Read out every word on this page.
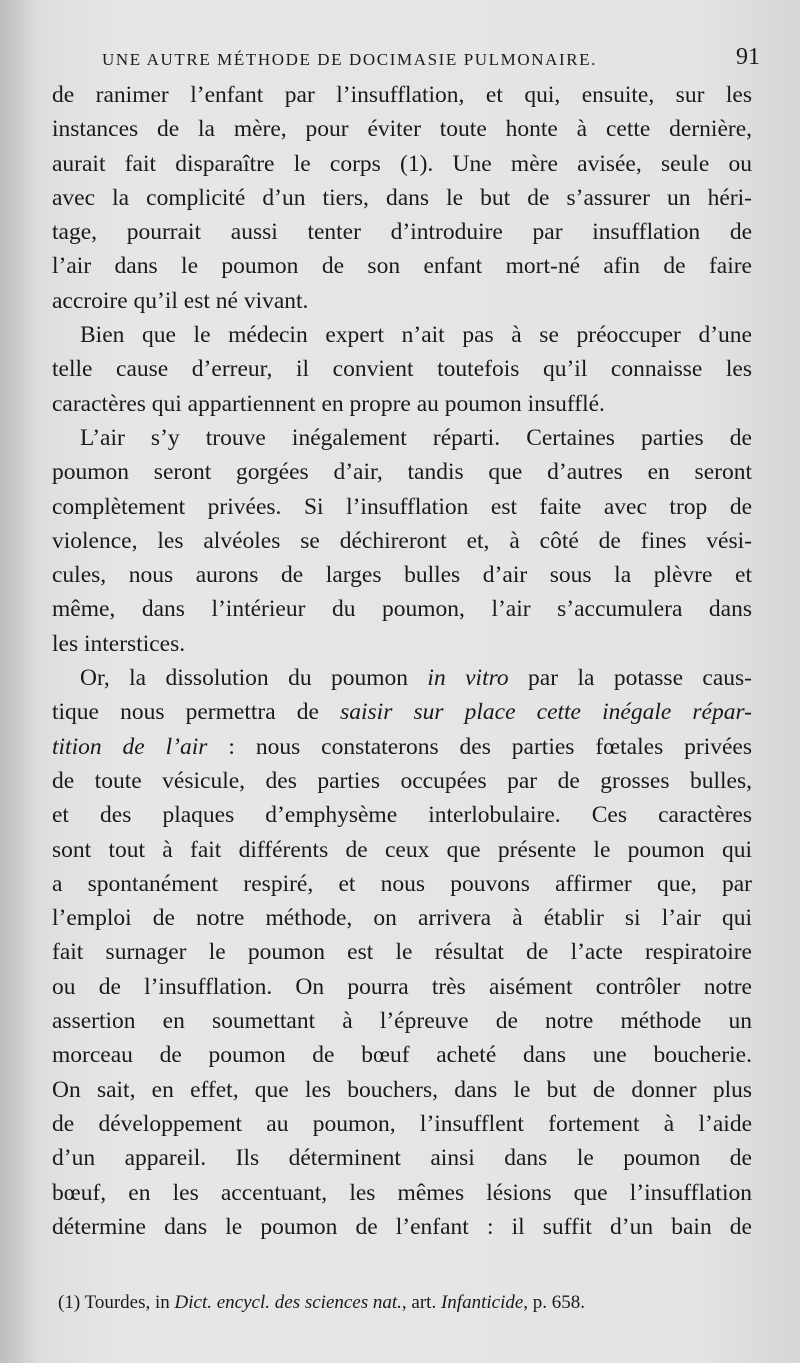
UNE AUTRE MÉTHODE DE DOCIMASIE PULMONAIRE.	91
de ranimer l’enfant par l’insufflation, et qui, ensuite, sur les
instances de la mère, pour éviter toute honte à cette dernière,
aurait fait disparaître le corps (1). Une mère avisée, seule ou
avec la complicité d’un tiers, dans le but de s’assurer un héri-
tage, pourrait aussi tenter d’introduire par insufflation de
l’air dans le poumon de son enfant mort-né afin de faire
accroire qu’il est né vivant.
Bien que le médecin expert n’ait pas à se préoccuper d’une
telle cause d’erreur, il convient toutefois qu’il connaisse les
caractères qui appartiennent en propre au poumon insufflé.
L’air s’y trouve inégalement réparti. Certaines parties de
poumon seront gorgées d’air, tandis que d’autres en seront
complètement privées. Si l’insufflation est faite avec trop de
violence, les alvéoles se déchireront et, à côté de fines vési-
cules, nous aurons de larges bulles d’air sous la plèvre et
même, dans l’intérieur du poumon, l’air s’accumulera dans
les interstices.
Or, la dissolution du poumon in vitro par la potasse caus-
tique nous permettra de saisir sur place cette inégale répar-
tition de l’air : nous constaterons des parties fœtales privées
de toute vésicule, des parties occupées par de grosses bulles,
et des plaques d’emphysème interlobulaire. Ces caractères
sont tout à fait différents de ceux que présente le poumon qui
a spontanément respiré, et nous pouvons affirmer que, par
l’emploi de notre méthode, on arrivera à établir si l’air qui
fait surnager le poumon est le résultat de l’acte respiratoire
ou de l’insufflation. On pourra très aisément contrôler notre
assertion en soumettant à l’épreuve de notre méthode un
morceau de poumon de bœuf acheté dans une boucherie.
On sait, en effet, que les bouchers, dans le but de donner plus
de développement au poumon, l’insufflent fortement à l’aide
d’un appareil. Ils déterminent ainsi dans le poumon de
bœuf, en les accentuant, les mêmes lésions que l’insufflation
détermine dans le poumon de l’enfant : il suffit d’un bain de
(1) Tourdes, in Dict. encycl. des sciences nat., art. Infanticide, p. 658.
